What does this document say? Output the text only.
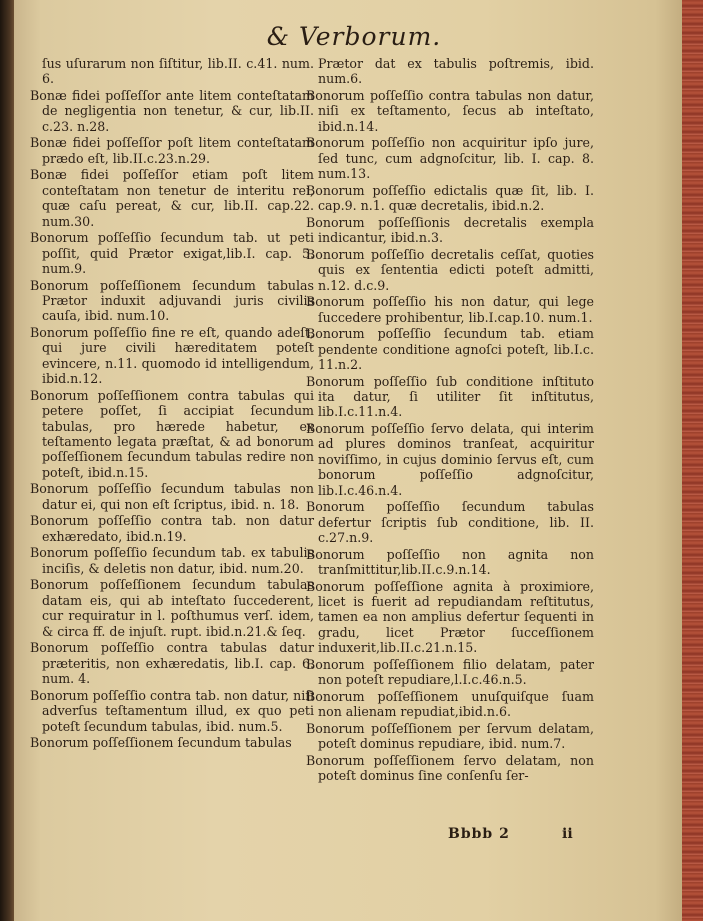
& Verborum.
ſus uſurarum non ſiſtitur, lib.II. c.41. num. 6.
Bonæ fidei poſſeſſor ante litem conteſtatam de negligentia non tenetur, & cur, lib.II. c.23. n.28.
Bonæ fidei poſſeſſor poſt litem conteſtatam prædo eſt, lib.II.c.23.n.29.
Bonæ fidei poſſeſſor etiam poſt litem conteſtatam non tenetur de interitu rei, quæ caſu pereat, & cur, lib.II. cap.22. num.30.
Bonorum poſſeſſio ſecundum tab. ut peti poſſit, quid Prætor exigat,lib.I. cap. 5. num.9.
Bonorum poſſeſſionem ſecundum tabulas Prætor induxit adjuvandi juris civilis cauſa, ibid. num.10.
Bonorum poſſeſſio fine re eſt, quando adeſt, qui jure civili hæreditatem poteſt evincere, n.11. quomodo id intelligendum, ibid.n.12.
Bonorum poſſeſſionem contra tabulas qui petere poſſet, ſi accipiat ſecundum tabulas, pro hærede habetur, ex teſtamento legata præſtat, & ad bonorum poſſeſſionem ſecundum tabulas redire non poteſt, ibid.n.15.
Bonorum poſſeſſio ſecundum tabulas non datur ei, qui non eſt ſcriptus, ibid. n. 18.
Bonorum poſſeſſio contra tab. non datur exhæredato, ibid.n.19.
Bonorum poſſeſſio ſecundum tab. ex tabulis inciſis, & deletis non datur, ibid. num.20.
Bonorum poſſeſſionem ſecundum tabulas datam eis, qui ab inteſtato ſuccederent, cur requiratur in l. poſthumus verſ. idem, & circa ff. de injuſt. rupt. ibid.n.21.& ſeq.
Bonorum poſſeſſio contra tabulas datur præteritis, non exhæredatis, lib.I. cap. 6. num. 4.
Bonorum poſſeſſio contra tab. non datur, niſi adverſus teſtamentum illud, ex quo peti poteſt ſecundum tabulas, ibid. num.5.
Bonorum poſſeſſionem ſecundum tabulas
Prætor dat ex tabulis poſtremis, ibid. num.6.
Bonorum poſſeſſio contra tabulas non datur, niſi ex teſtamento, ſecus ab inteſtato, ibid.n.14.
Bonorum poſſeſſio non acquiritur ipſo jure, ſed tunc, cum adgnoſcitur, lib. I. cap. 8. num.13.
Bonorum poſſeſſio edictalis quæ ſit, lib. I. cap.9. n.1. quæ decretalis, ibid.n.2.
Bonorum poſſeſſionis decretalis exempla indicantur, ibid.n.3.
Bonorum poſſeſſio decretalis ceſſat, quoties quis ex ſententia edicti poteſt admitti, n.12. d.c.9.
Bonorum poſſeſſio his non datur, qui lege ſuccedere prohibentur, lib.I.cap.10. num.1.
Bonorum poſſeſſio ſecundum tab. etiam pendente conditione agnoſci poteſt, lib.I.c. 11.n.2.
Bonorum poſſeſſio ſub conditione inſtituto ita datur, ſi utiliter ſit inſtitutus, lib.I.c.11.n.4.
Bonorum poſſeſſio ſervo delata, qui interim ad plures dominos tranſeat, acquiritur noviſſimo, in cujus dominio ſervus eſt, cum bonorum poſſeſſio adgnoſcitur, lib.I.c.46.n.4.
Bonorum poſſeſſio ſecundum tabulas defertur ſcriptis ſub conditione, lib. II. c.27.n.9.
Bonorum poſſeſſio non agnita non tranſmittitur,lib.II.c.9.n.14.
Bonorum poſſeſſione agnita à proximiore, licet is fuerit ad repudiandam reſtitutus, tamen ea non amplius defertur ſequenti in gradu, licet Prætor ſucceſſionem induxerit,lib.II.c.21.n.15.
Bonorum poſſeſſionem filio delatam, pater non poteſt repudiare,l.I.c.46.n.5.
Bonorum poſſeſſionem unuſquiſque ſuam non alienam repudiat,ibid.n.6.
Bonorum poſſeſſionem per ſervum delatam, poteſt dominus repudiare, ibid. num.7.
Bonorum poſſeſſionem ſervo delatam, non poteſt dominus ſine conſenſu ſer-
Bbbb 2	ii
